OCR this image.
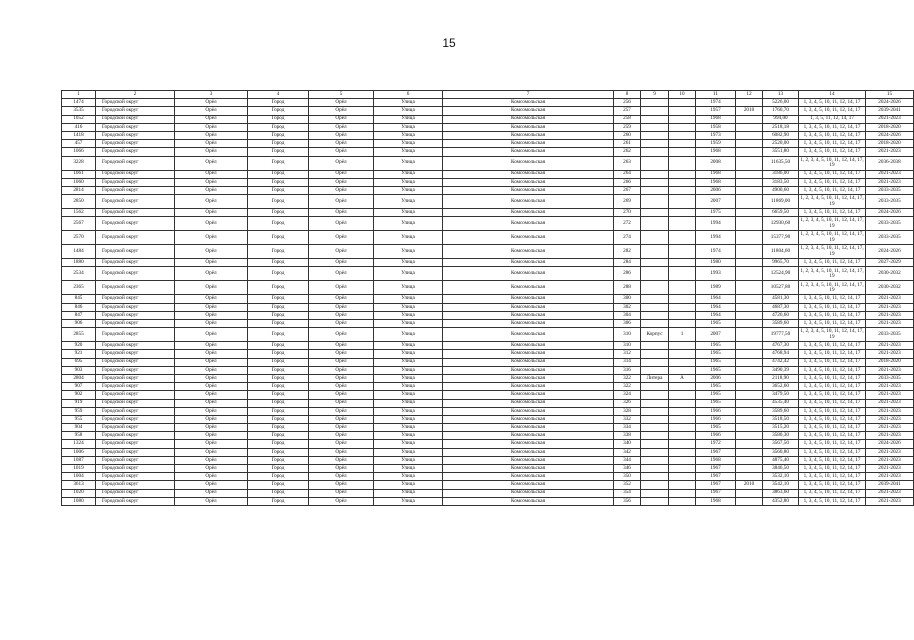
15
1	2	3	4	5	6	7	8	9	10	11	12	13	14	15
1474	Городской округ	Орёл	Город	Орёл	Улица	Комсомольская	256			1974		5226,00	1, 3, 4, 5, 10, 11, 12, 14, 17	2024-2026
3535	Городской округ	Орёл	Город	Орёл	Улица	Комсомольская	257			1957	2010	1760,70	1, 3, 4, 5, 10, 11, 12, 14, 17	2039-2041
1052	Городской округ	Орёл	Город	Орёл	Улица	Комсомольская	258			1968		994,00	1, 3, 5, 11, 12, 14, 17	2021-2023
416	Городской округ	Орёл	Город	Орёл	Улица	Комсомольская	259			1958		2518,18	1, 3, 4, 5, 10, 11, 12, 14, 17	2018-2020
1418	Городской округ	Орёл	Город	Орёл	Улица	Комсомольская	260			1973		6082,90	1, 3, 4, 5, 10, 11, 12, 14, 17	2024-2026
457	Городской округ	Орёл	Город	Орёл	Улица	Комсомольская	261			1959		2520,00	1, 3, 4, 5, 10, 11, 12, 14, 17	2018-2020
1066	Городской округ	Орёл	Город	Орёл	Улица	Комсомольская	262			1968		3551,80	1, 3, 4, 5, 10, 11, 12, 14, 17	2021-2023
3228	Городской округ	Орёл	Город	Орёл	Улица	Комсомольская	263			2008		11635,50	1, 2, 3, 4, 5, 10, 11, 12, 14, 17, 19	2036-2038
1061	Городской округ	Орёл	Город	Орёл	Улица	Комсомольская	264			1968		3186,00	1, 3, 4, 5, 10, 11, 12, 14, 17	2021-2023
1060	Городской округ	Орёл	Город	Орёл	Улица	Комсомольская	266			1968		3183,50	1, 3, 4, 5, 10, 11, 12, 14, 17	2021-2023
2814	Городской округ	Орёл	Город	Орёл	Улица	Комсомольская	267			2006		4900,60	1, 3, 4, 5, 10, 11, 12, 14, 17	2033-2035
2850	Городской округ	Орёл	Город	Орёл	Улица	Комсомольская	269			2007		11869,00	1, 2, 3, 4, 5, 10, 11, 12, 14, 17, 19	2033-2035
1562	Городской округ	Орёл	Город	Орёл	Улица	Комсомольская	270			1975		6659,50	1, 3, 4, 5, 10, 11, 12, 14, 17	2024-2026
2567	Городской округ	Орёл	Город	Орёл	Улица	Комсомольская	272			1994		12930,60	1, 2, 3, 4, 5, 10, 11, 12, 14, 17, 19	2033-2035
2570	Городской округ	Орёл	Город	Орёл	Улица	Комсомольская	274			1994		15377,90	1, 2, 3, 4, 5, 10, 11, 12, 14, 17, 19	2033-2035
1484	Городской округ	Орёл	Город	Орёл	Улица	Комсомольская	282			1974		11804,60	1, 2, 3, 4, 5, 10, 11, 12, 14, 17, 19	2024-2026
1880	Городской округ	Орёл	Город	Орёл	Улица	Комсомольская	284			1980		9965,70	1, 3, 4, 5, 10, 11, 12, 14, 17	2027-2029
2534	Городской округ	Орёл	Город	Орёл	Улица	Комсомольская	286			1993		12524,90	1, 2, 3, 4, 5, 10, 11, 12, 14, 17, 19	2030-2032
2365	Городской округ	Орёл	Город	Орёл	Улица	Комсомольская	288			1989		10527,80	1, 2, 3, 4, 5, 10, 11, 12, 14, 17, 19	2030-2032
845	Городской округ	Орёл	Город	Орёл	Улица	Комсомольская	300			1964		4581,30	1, 3, 4, 5, 10, 11, 12, 14, 17	2021-2023
846	Городской округ	Орёл	Город	Орёл	Улица	Комсомольская	302			1964		4687,30	1, 3, 4, 5, 10, 11, 12, 14, 17	2021-2023
847	Городской округ	Орёл	Город	Орёл	Улица	Комсомольская	304			1964		4726,60	1, 3, 4, 5, 10, 11, 12, 14, 17	2021-2023
906	Городской округ	Орёл	Город	Орёл	Улица	Комсомольская	306			1965		3589,60	1, 3, 4, 5, 10, 11, 12, 14, 17	2021-2023
2855	Городской округ	Орёл	Город	Орёл	Улица	Комсомольская	310	Корпус	1	2007		19777,50	1, 2, 3, 4, 5, 10, 11, 12, 14, 17, 19	2033-2035
920	Городской округ	Орёл	Город	Орёл	Улица	Комсомольская	310			1965		4767,30	1, 3, 4, 5, 10, 11, 12, 14, 17	2021-2023
921	Городской округ	Орёл	Город	Орёл	Улица	Комсомольская	312			1965		4768,94	1, 3, 4, 5, 10, 11, 12, 14, 17	2021-2023
695	Городской округ	Орёл	Город	Орёл	Улица	Комсомольская	314			1965		4742,42	1, 3, 4, 5, 10, 11, 12, 14, 17	2018-2020
903	Городской округ	Орёл	Город	Орёл	Улица	Комсомольская	316			1965		3490,39	1, 3, 4, 5, 10, 11, 12, 14, 17	2021-2023
2804	Городской округ	Орёл	Город	Орёл	Улица	Комсомольская	322	Литера	А	2006		2118,90	1, 3, 4, 5, 10, 11, 12, 14, 17	2033-2035
907	Городской округ	Орёл	Город	Орёл	Улица	Комсомольская	322			1965		3652,60	1, 3, 4, 5, 10, 11, 12, 14, 17	2021-2023
902	Городской округ	Орёл	Город	Орёл	Улица	Комсомольская	324			1965		3479,50	1, 3, 4, 5, 10, 11, 12, 14, 17	2021-2023
919	Городской округ	Орёл	Город	Орёл	Улица	Комсомольская	326			1965		4535,40	1, 3, 4, 5, 10, 11, 12, 14, 17	2021-2023
959	Городской округ	Орёл	Город	Орёл	Улица	Комсомольская	328			1966		3589,60	1, 3, 4, 5, 10, 11, 12, 14, 17	2021-2023
955	Городской округ	Орёл	Город	Орёл	Улица	Комсомольская	332			1966		3518,50	1, 3, 4, 5, 10, 11, 12, 14, 17	2021-2023
904	Городской округ	Орёл	Город	Орёл	Улица	Комсомольская	334			1965		3515,20	1, 3, 4, 5, 10, 11, 12, 14, 17	2021-2023
958	Городской округ	Орёл	Город	Орёл	Улица	Комсомольская	338			1966		3580,30	1, 3, 4, 5, 10, 11, 12, 14, 17	2021-2023
1324	Городской округ	Орёл	Город	Орёл	Улица	Комсомольская	340			1972		3567,50	1, 3, 4, 5, 10, 11, 12, 14, 17	2024-2026
1006	Городской округ	Орёл	Город	Орёл	Улица	Комсомольская	342			1967		3560,80	1, 3, 4, 5, 10, 11, 12, 14, 17	2021-2023
1087	Городской округ	Орёл	Город	Орёл	Улица	Комсомольская	344			1968		4875,40	1, 3, 4, 5, 10, 11, 12, 14, 17	2021-2023
1019	Городской округ	Орёл	Город	Орёл	Улица	Комсомольская	346			1967		3846,50	1, 3, 4, 5, 10, 11, 12, 14, 17	2021-2023
1004	Городской округ	Орёл	Город	Орёл	Улица	Комсомольская	350			1967		3532,10	1, 3, 4, 5, 10, 11, 12, 14, 17	2021-2023
3613	Городской округ	Орёл	Город	Орёл	Улица	Комсомольская	352			1967	2010	3542,10	1, 3, 4, 5, 10, 11, 12, 14, 17	2039-2041
1020	Городской округ	Орёл	Город	Орёл	Улица	Комсомольская	354			1967		3863,60	1, 3, 4, 5, 10, 11, 12, 14, 17	2021-2023
1080	Городской округ	Орёл	Город	Орёл	Улица	Комсомольская	356			1968		4352,80	1, 3, 4, 5, 10, 11, 12, 14, 17	2021-2023
